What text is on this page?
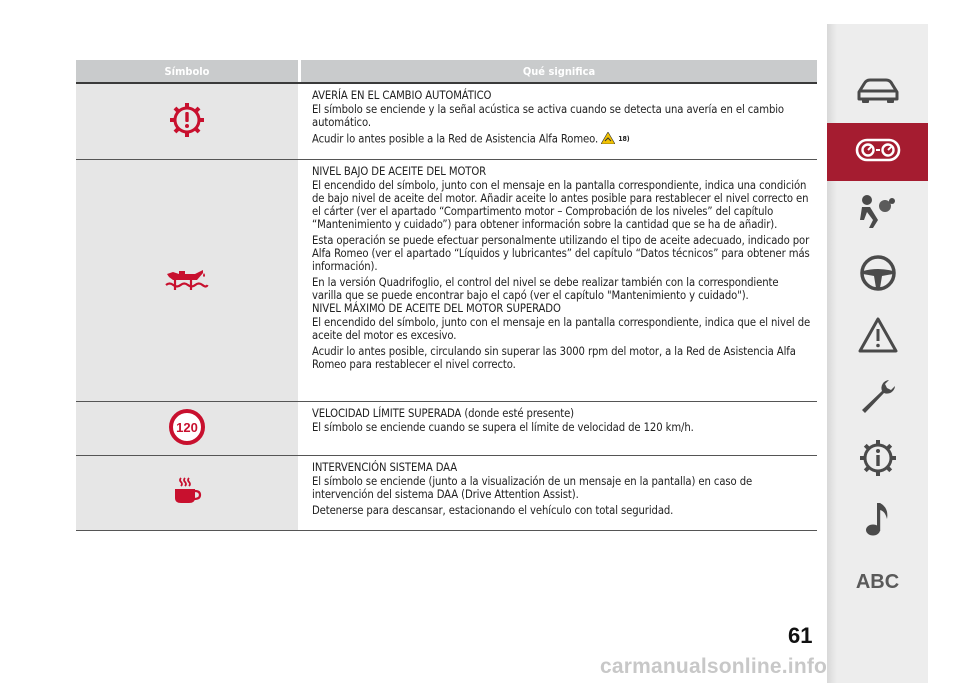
Símbolo	Qué significa
AVERÍA EN EL CAMBIO AUTOMÁTICO

El símbolo se enciende y la señal acústica se activa cuando se detecta una avería en el cambio automático.

Acudir lo antes posible a la Red de Asistencia Alfa Romeo.	18)

NIVEL BAJO DE ACEITE DEL MOTOR

El encendido del símbolo, junto con el mensaje en la pantalla correspondiente, indica una condición de bajo nivel de aceite del motor. Añadir aceite lo antes posible para restablecer el nivel correcto en el cárter (ver el apartado “Compartimento motor – Comprobación de los niveles” del capítulo “Mantenimiento y cuidado”) para obtener información sobre la cantidad que se ha de añadir).

Esta operación se puede efectuar personalmente utilizando el tipo de aceite adecuado, indicado por Alfa Romeo (ver el apartado “Líquidos y lubricantes” del capítulo “Datos técnicos” para obtener más información).

En la versión Quadrifoglio, el control del nivel se debe realizar también con la correspondiente varilla que se puede encontrar bajo el capó (ver el capítulo "Mantenimiento y cuidado").

NIVEL MÁXIMO DE ACEITE DEL MOTOR SUPERADO

El encendido del símbolo, junto con el mensaje en la pantalla correspondiente, indica que el nivel de aceite del motor es excesivo.

Acudir lo antes posible, circulando sin superar las 3000 rpm del motor, a la Red de Asistencia Alfa Romeo para restablecer el nivel correcto.

120
VELOCIDAD LÍMITE SUPERADA (donde esté presente)

El símbolo se enciende cuando se supera el límite de velocidad de 120 km/h.

INTERVENCIÓN SISTEMA DAA

El símbolo se enciende (junto a la visualización de un mensaje en la pantalla) en caso de intervención del sistema DAA (Drive Attention Assist).

Detenerse para descansar, estacionando el vehículo con total seguridad.

ABC
61
carmanualsonline.info
